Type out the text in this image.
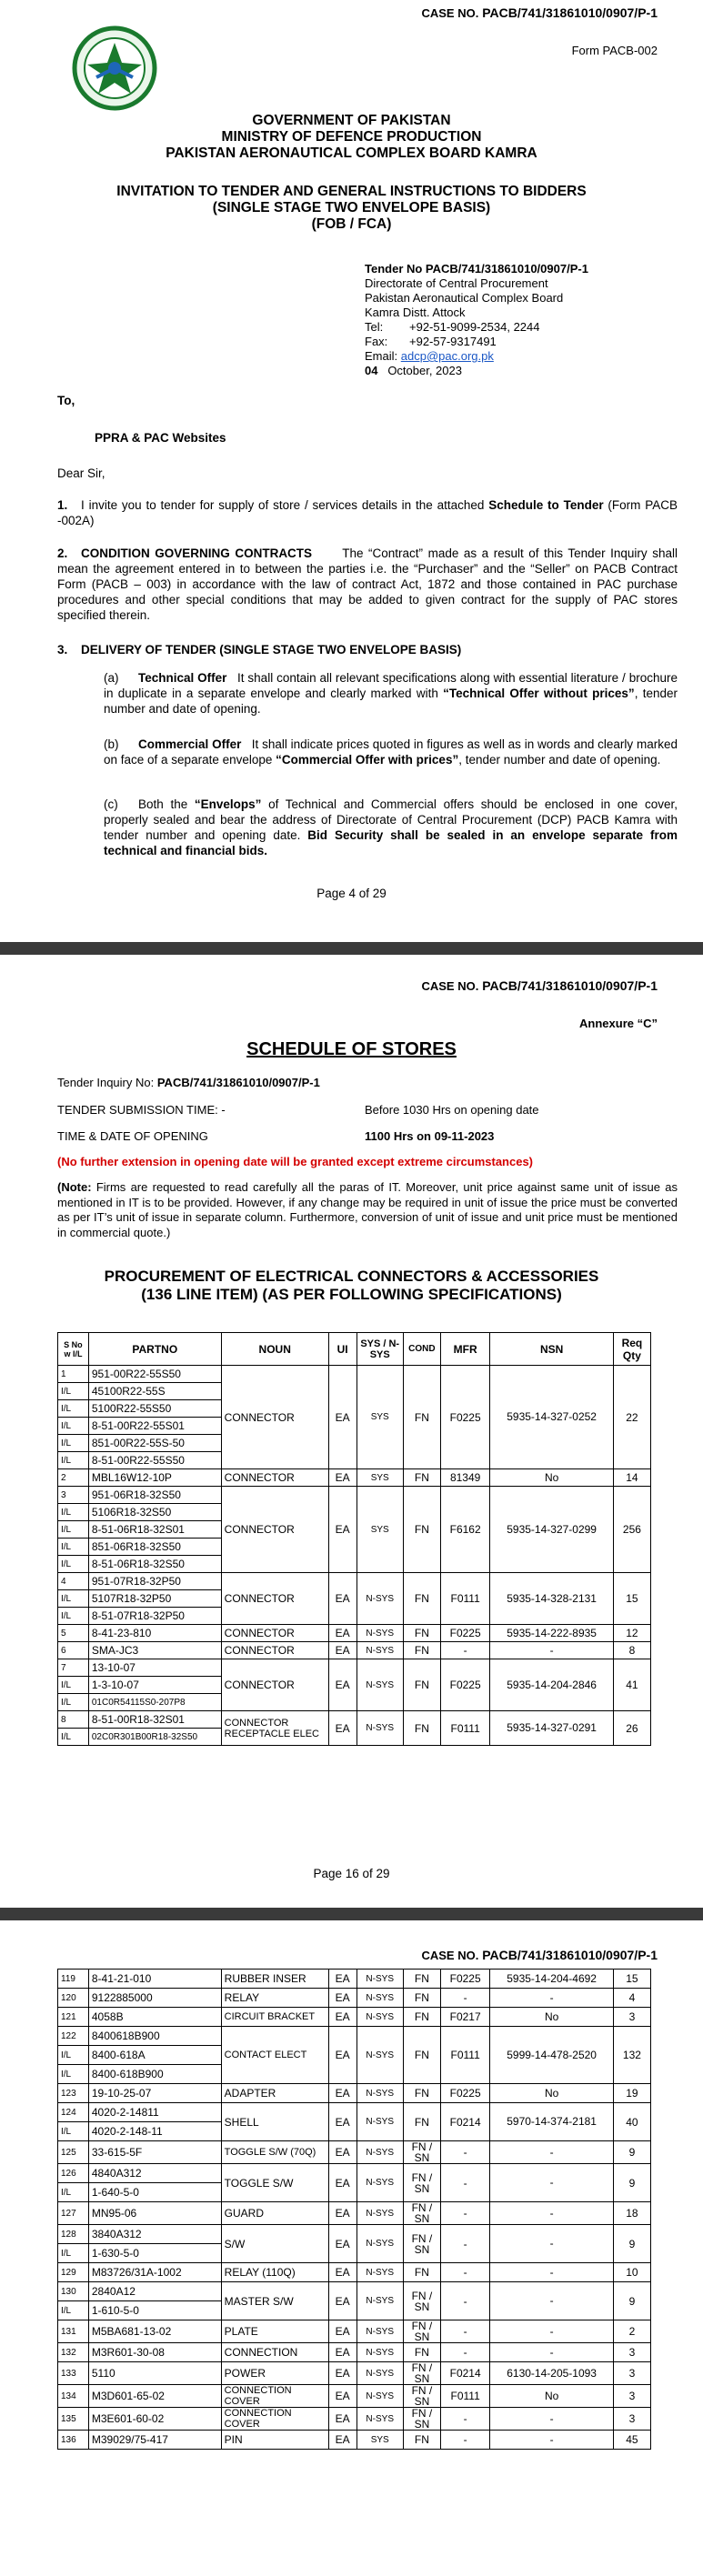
CASE NO. PACB/741/31861010/0907/P-1
Form PACB-002
GOVERNMENT OF PAKISTAN
MINISTRY OF DEFENCE PRODUCTION
PAKISTAN AERONAUTICAL COMPLEX BOARD KAMRA
INVITATION TO TENDER AND GENERAL INSTRUCTIONS TO BIDDERS
(SINGLE STAGE TWO ENVELOPE BASIS)
(FOB / FCA)
Tender No PACB/741/31861010/0907/P-1
Directorate of Central Procurement
Pakistan Aeronautical Complex Board
Kamra Distt. Attock
Tel: +92-51-9099-2534, 2244
Fax: +92-57-9317491
Email: adcp@pac.org.pk
04 October, 2023
To,
PPRA & PAC Websites
Dear Sir,
1. I invite you to tender for supply of store / services details in the attached Schedule to Tender (Form PACB -002A)
2. CONDITION GOVERNING CONTRACTS The “Contract” made as a result of this Tender Inquiry shall mean the agreement entered in to between the parties i.e. the “Purchaser” and the “Seller” on PACB Contract Form (PACB – 003) in accordance with the law of contract Act, 1872 and those contained in PAC purchase procedures and other special conditions that may be added to given contract for the supply of PAC stores specified therein.
3. DELIVERY OF TENDER (SINGLE STAGE TWO ENVELOPE BASIS)
(a) Technical Offer It shall contain all relevant specifications along with essential literature / brochure in duplicate in a separate envelope and clearly marked with “Technical Offer without prices”, tender number and date of opening.
(b) Commercial Offer It shall indicate prices quoted in figures as well as in words and clearly marked on face of a separate envelope “Commercial Offer with prices”, tender number and date of opening.
(c) Both the “Envelops” of Technical and Commercial offers should be enclosed in one cover, properly sealed and bear the address of Directorate of Central Procurement (DCP) PACB Kamra with tender number and opening date. Bid Security shall be sealed in an envelope separate from technical and financial bids.
Page 4 of 29
CASE NO. PACB/741/31861010/0907/P-1
Annexure “C”
SCHEDULE OF STORES
Tender Inquiry No: PACB/741/31861010/0907/P-1
TENDER SUBMISSION TIME: -	Before 1030 Hrs on opening date
TIME & DATE OF OPENING	1100 Hrs on 09-11-2023
(No further extension in opening date will be granted except extreme circumstances)
(Note: Firms are requested to read carefully all the paras of IT. Moreover, unit price against same unit of issue as mentioned in IT is to be provided. However, if any change may be required in unit of issue the price must be converted as per IT’s unit of issue in separate column. Furthermore, conversion of unit of issue and unit price must be mentioned in commercial quote.)
PROCUREMENT OF ELECTRICAL CONNECTORS & ACCESSORIES
(136 LINE ITEM) (AS PER FOLLOWING SPECIFICATIONS)
S No w I/L	PARTNO	NOUN	UI	SYS / N-SYS	COND	MFR	NSN	Req Qty
1	951-00R22-55S50	CONNECTOR	EA	SYS	FN	F0225	5935-14-327-0252	22
I/L	45100R22-55S							
I/L	5100R22-55S50							
I/L	8-51-00R22-55S01							
I/L	851-00R22-55S-50							
I/L	8-51-00R22-55S50							
2	MBL16W12-10P	CONNECTOR	EA	SYS	FN	81349	No	14
3	951-06R18-32S50	CONNECTOR	EA	SYS	FN	F6162	5935-14-327-0299	256
I/L	5106R18-32S50							
I/L	8-51-06R18-32S01							
I/L	851-06R18-32S50							
I/L	8-51-06R18-32S50							
4	951-07R18-32P50	CONNECTOR	EA	N-SYS	FN	F0111	5935-14-328-2131	15
I/L	5107R18-32P50							
I/L	8-51-07R18-32P50							
5	8-41-23-810	CONNECTOR	EA	N-SYS	FN	F0225	5935-14-222-8935	12
6	SMA-JC3	CONNECTOR	EA	N-SYS	FN	-	-	8
7	13-10-07	CONNECTOR	EA	N-SYS	FN	F0225	5935-14-204-2846	41
I/L	1-3-10-07							
I/L	01C0R54115S0-207P8							
8	8-51-00R18-32S01	CONNECTOR RECEPTACLE ELEC	EA	N-SYS	FN	F0111	5935-14-327-0291	26
I/L	02C0R301B00R18-32S50							
Page 16 of 29
CASE NO. PACB/741/31861010/0907/P-1
119	8-41-21-010	RUBBER INSER	EA	N-SYS	FN	F0225	5935-14-204-4692	15
120	9122885000	RELAY	EA	N-SYS	FN	-	-	4
121	4058B	CIRCUIT BRACKET	EA	N-SYS	FN	F0217	No	3
122	8400618B900	CONTACT ELECT	EA	N-SYS	FN	F0111	5999-14-478-2520	132
I/L	8400-618A							
I/L	8400-618B900							
123	19-10-25-07	ADAPTER	EA	N-SYS	FN	F0225	No	19
124	4020-2-14811	SHELL	EA	N-SYS	FN	F0214	5970-14-374-2181	40
I/L	4020-2-148-11							
125	33-615-5F	TOGGLE S/W (70Q)	EA	N-SYS	FN / SN	-	-	9
126	4840A312	TOGGLE S/W	EA	N-SYS	FN / SN	-	-	9
I/L	1-640-5-0							
127	MN95-06	GUARD	EA	N-SYS	FN / SN	-	-	18
128	3840A312	S/W	EA	N-SYS	FN / SN	-	-	9
I/L	1-630-5-0							
129	M83726/31A-1002	RELAY (110Q)	EA	N-SYS	FN	-	-	10
130	2840A12	MASTER S/W	EA	N-SYS	FN / SN	-	-	9
I/L	1-610-5-0							
131	M5BA681-13-02	PLATE	EA	N-SYS	FN / SN	-	-	2
132	M3R601-30-08	CONNECTION	EA	N-SYS	FN	-	-	3
133	5110	POWER	EA	N-SYS	FN / SN	F0214	6130-14-205-1093	3
134	M3D601-65-02	CONNECTION COVER	EA	N-SYS	FN / SN	F0111	No	3
135	M3E601-60-02	CONNECTION COVER	EA	N-SYS	FN / SN	-	-	3
136	M39029/75-417	PIN	EA	SYS	FN	-	-	45
